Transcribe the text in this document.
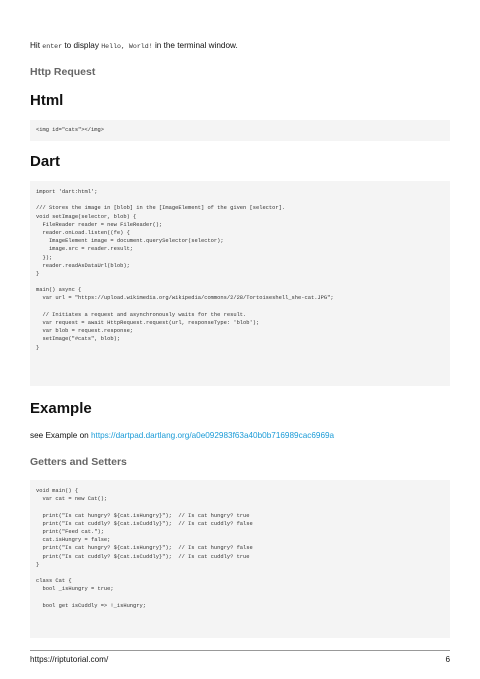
Hit enter to display Hello, World! in the terminal window.
Http Request
Html
<img id="cats"></img>
Dart
import 'dart:html';
/// Stores the image in [blob] in the [ImageElement] of the given [selector].
void setImage(selector, blob) {
FileReader reader = new FileReader();
reader.onLoad.listen((fe) {
ImageElement image = document.querySelector(selector);
image.src = reader.result;
});
reader.readAsDataUrl(blob);
}
main() async {
var url = "https://upload.wikimedia.org/wikipedia/commons/2/28/Tortoiseshell_she-cat.JPG";
// Initiates a request and asynchronously waits for the result.
var request = await HttpRequest.request(url, responseType: 'blob');
var blob = request.response;
setImage("#cats", blob);
}
Example
see Example on https://dartpad.dartlang.org/a0e092983f63a40b0b716989cac6969a
Getters and Setters
void main() {
var cat = new Cat();
print("Is cat hungry? ${cat.isHungry}");  // Is cat hungry? true
print("Is cat cuddly? ${cat.isCuddly}");  // Is cat cuddly? false
print("Feed cat.");
cat.isHungry = false;
print("Is cat hungry? ${cat.isHungry}");  // Is cat hungry? false
print("Is cat cuddly? ${cat.isCuddly}");  // Is cat cuddly? true
}
class Cat {
bool _isHungry = true;
bool get isCuddly => !_isHungry;
https://riptutorial.com/	6
